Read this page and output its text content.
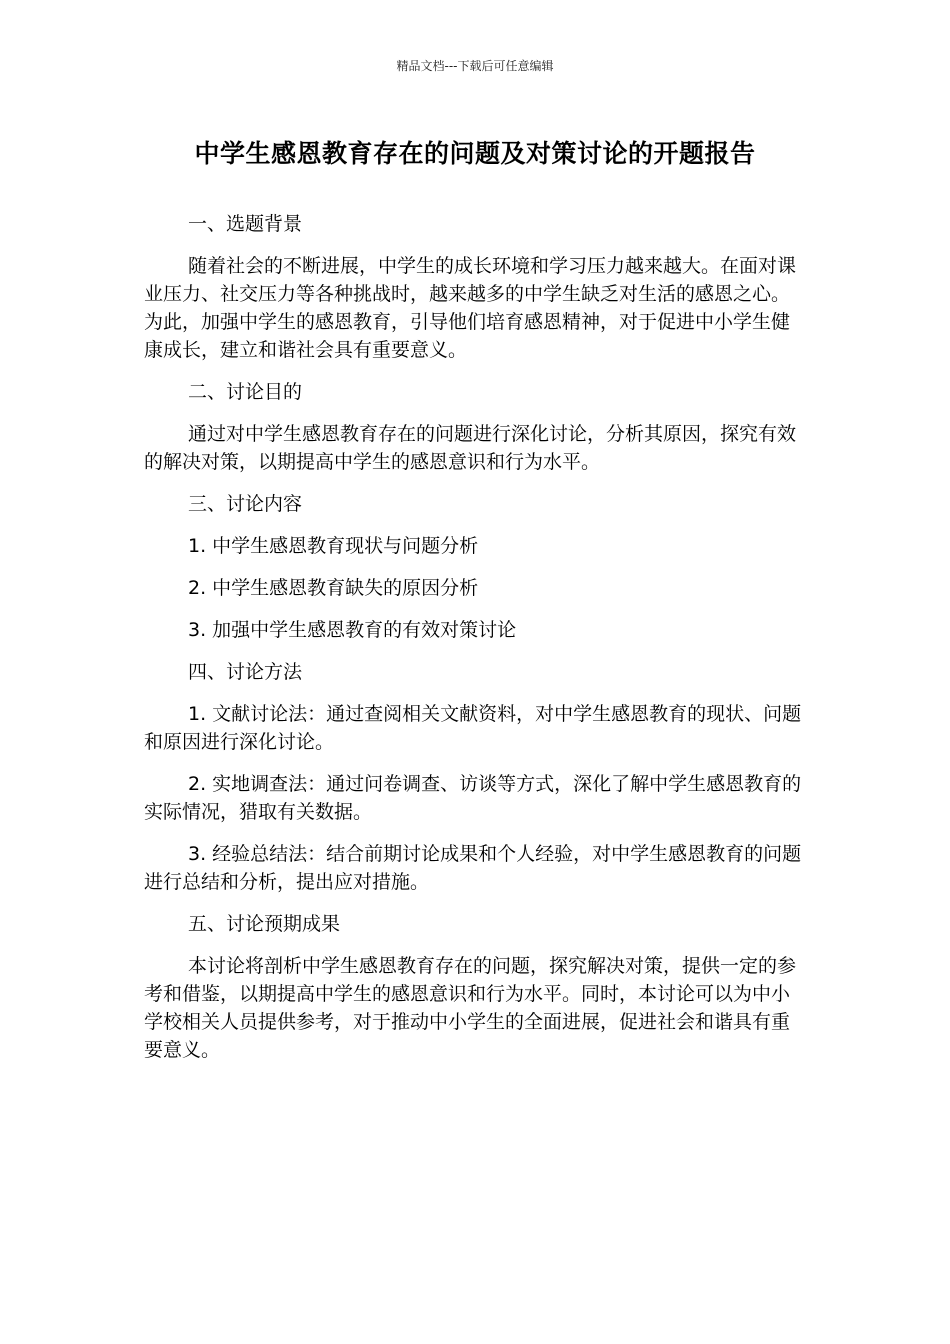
精品文档---下载后可任意编辑
中学生感恩教育存在的问题及对策讨论的开题报告

一、选题背景

随着社会的不断进展，中学生的成长环境和学习压力越来越大。在面对课业压力、社交压力等各种挑战时，越来越多的中学生缺乏对生活的感恩之心。为此，加强中学生的感恩教育，引导他们培育感恩精神，对于促进中小学生健康成长，建立和谐社会具有重要意义。

二、讨论目的

通过对中学生感恩教育存在的问题进行深化讨论，分析其原因，探究有效的解决对策，以期提高中学生的感恩意识和行为水平。

三、讨论内容

1. 中学生感恩教育现状与问题分析

2. 中学生感恩教育缺失的原因分析

3. 加强中学生感恩教育的有效对策讨论

四、讨论方法

1. 文献讨论法：通过查阅相关文献资料，对中学生感恩教育的现状、问题和原因进行深化讨论。

2. 实地调查法：通过问卷调查、访谈等方式，深化了解中学生感恩教育的实际情况，猎取有关数据。

3. 经验总结法：结合前期讨论成果和个人经验，对中学生感恩教育的问题进行总结和分析，提出应对措施。

五、讨论预期成果

本讨论将剖析中学生感恩教育存在的问题，探究解决对策，提供一定的参考和借鉴，以期提高中学生的感恩意识和行为水平。同时，本讨论可以为中小学校相关人员提供参考，对于推动中小学生的全面进展，促进社会和谐具有重要意义。
